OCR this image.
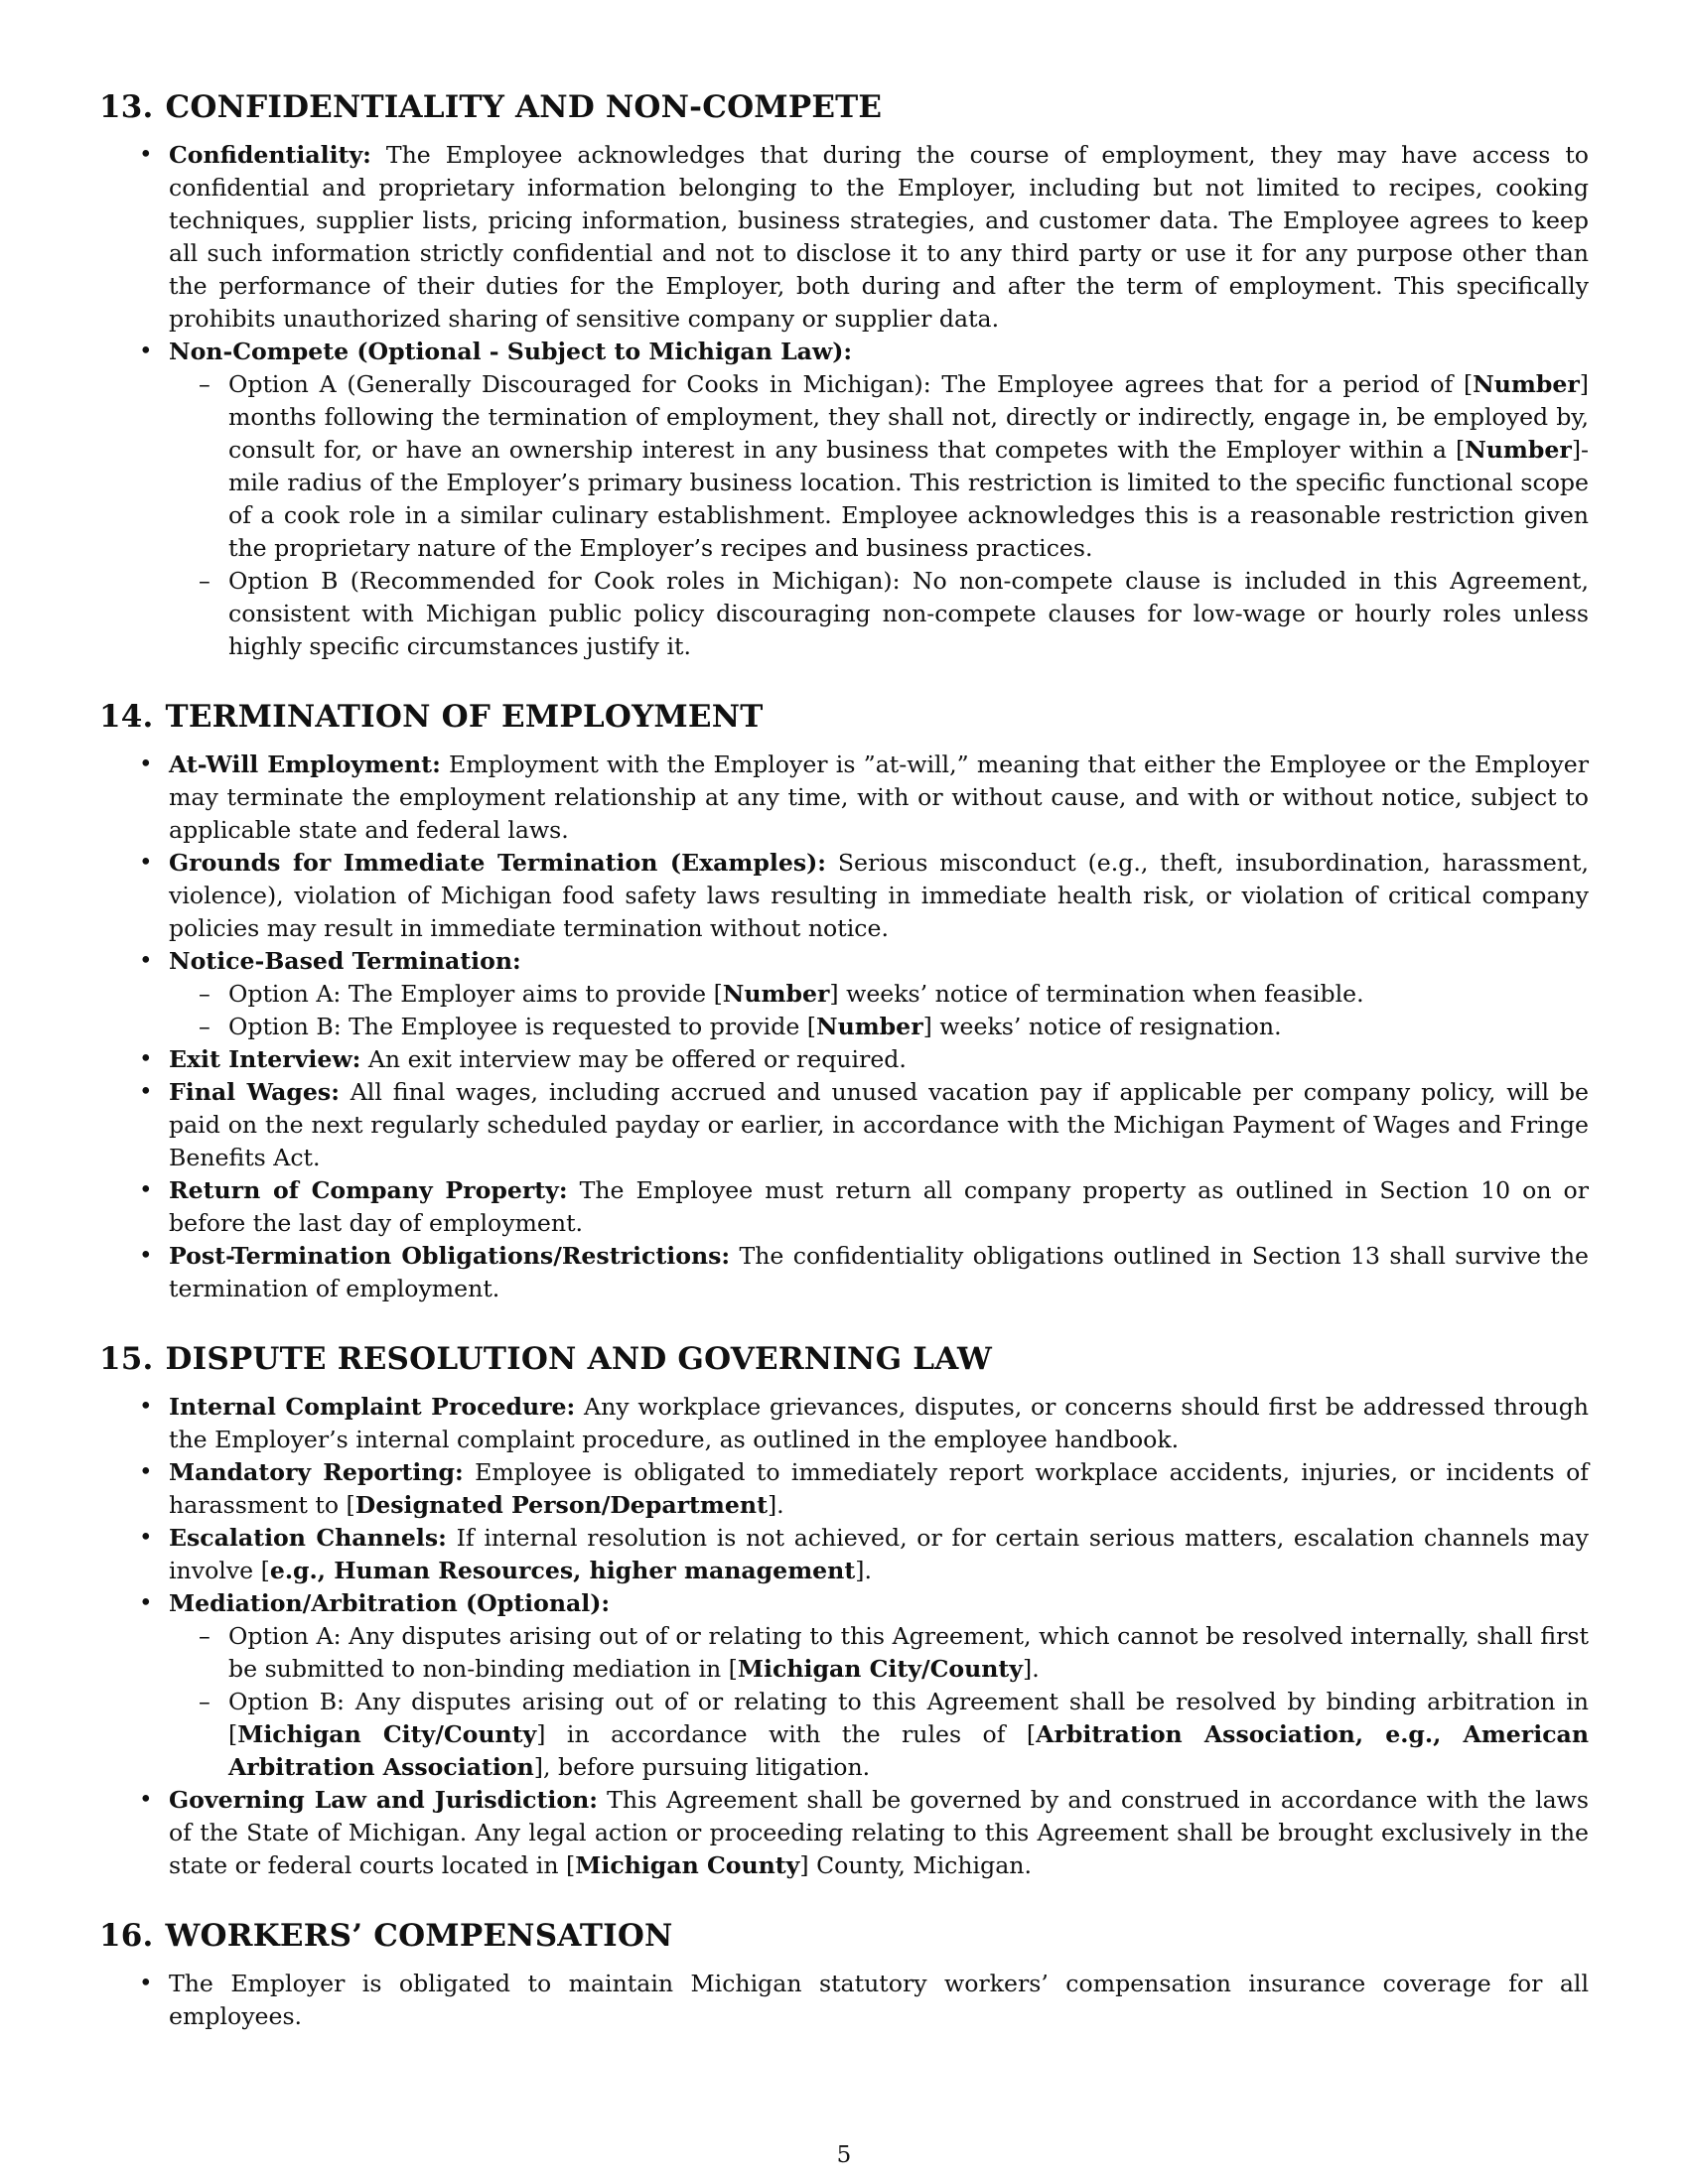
13. CONFIDENTIALITY AND NON-COMPETE
• Confidentiality: The Employee acknowledges that during the course of employment, they may have access to confidential and proprietary information belonging to the Employer, including but not limited to recipes, cooking techniques, supplier lists, pricing information, business strategies, and customer data. The Employee agrees to keep all such information strictly confidential and not to disclose it to any third party or use it for any purpose other than the performance of their duties for the Employer, both during and after the term of employment. This specifically prohibits unauthorized sharing of sensitive company or supplier data.
• Non-Compete (Optional - Subject to Michigan Law):
– Option A (Generally Discouraged for Cooks in Michigan): The Employee agrees that for a period of [Number] months following the termination of employment, they shall not, directly or indirectly, engage in, be employed by, consult for, or have an ownership interest in any business that competes with the Employer within a [Number]-mile radius of the Employer’s primary business location. This restriction is limited to the specific functional scope of a cook role in a similar culinary establishment. Employee acknowledges this is a reasonable restriction given the proprietary nature of the Employer’s recipes and business practices.
– Option B (Recommended for Cook roles in Michigan): No non-compete clause is included in this Agreement, consistent with Michigan public policy discouraging non-compete clauses for low-wage or hourly roles unless highly specific circumstances justify it.
14. TERMINATION OF EMPLOYMENT
• At-Will Employment: Employment with the Employer is ”at-will,” meaning that either the Employee or the Employer may terminate the employment relationship at any time, with or without cause, and with or without notice, subject to applicable state and federal laws.
• Grounds for Immediate Termination (Examples): Serious misconduct (e.g., theft, insubordination, harassment, violence), violation of Michigan food safety laws resulting in immediate health risk, or violation of critical company policies may result in immediate termination without notice.
• Notice-Based Termination:
– Option A: The Employer aims to provide [Number] weeks’ notice of termination when feasible.
– Option B: The Employee is requested to provide [Number] weeks’ notice of resignation.
• Exit Interview: An exit interview may be offered or required.
• Final Wages: All final wages, including accrued and unused vacation pay if applicable per company policy, will be paid on the next regularly scheduled payday or earlier, in accordance with the Michigan Payment of Wages and Fringe Benefits Act.
• Return of Company Property: The Employee must return all company property as outlined in Section 10 on or before the last day of employment.
• Post-Termination Obligations/Restrictions: The confidentiality obligations outlined in Section 13 shall survive the termination of employment.
15. DISPUTE RESOLUTION AND GOVERNING LAW
• Internal Complaint Procedure: Any workplace grievances, disputes, or concerns should first be addressed through the Employer’s internal complaint procedure, as outlined in the employee handbook.
• Mandatory Reporting: Employee is obligated to immediately report workplace accidents, injuries, or incidents of harassment to [Designated Person/Department].
• Escalation Channels: If internal resolution is not achieved, or for certain serious matters, escalation channels may involve [e.g., Human Resources, higher management].
• Mediation/Arbitration (Optional):
– Option A: Any disputes arising out of or relating to this Agreement, which cannot be resolved internally, shall first be submitted to non-binding mediation in [Michigan City/County].
– Option B: Any disputes arising out of or relating to this Agreement shall be resolved by binding arbitration in [Michigan City/County] in accordance with the rules of [Arbitration Association, e.g., American Arbitration Association], before pursuing litigation.
• Governing Law and Jurisdiction: This Agreement shall be governed by and construed in accordance with the laws of the State of Michigan. Any legal action or proceeding relating to this Agreement shall be brought exclusively in the state or federal courts located in [Michigan County] County, Michigan.
16. WORKERS’ COMPENSATION
• The Employer is obligated to maintain Michigan statutory workers’ compensation insurance coverage for all employees.
5
